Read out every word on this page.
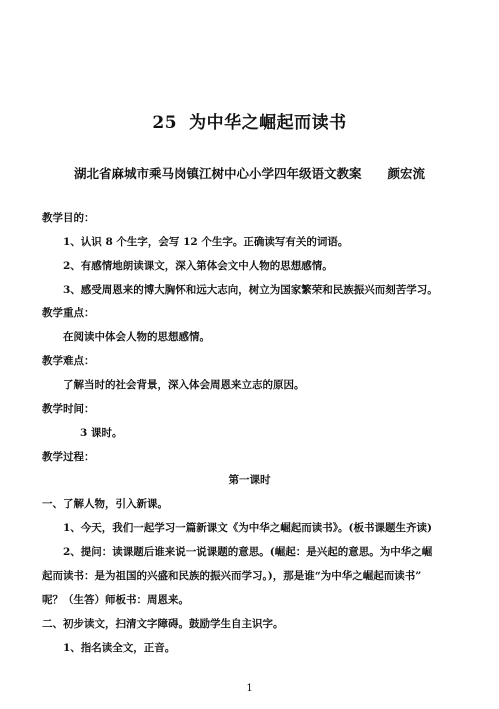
25 为中华之崛起而读书
湖北省麻城市乘马岗镇江树中心小学四年级语文教案 颜宏流
教学目的：
1、认识 8 个生字，会写 12 个生字。正确读写有关的词语。
2、有感情地朗读课文，深入第体会文中人物的思想感情。
3、感受周恩来的博大胸怀和远大志向，树立为国家繁荣和民族振兴而刻苦学习。
教学重点：
在阅读中体会人物的思想感情。
教学难点：
了解当时的社会背景，深入体会周恩来立志的原因。
教学时间：
3 课时。
教学过程：
第一课时
一、了解人物，引入新课。
1、今天，我们一起学习一篇新课文《为中华之崛起而读书》。(板书课题生齐读)
2、提问：读课题后谁来说一说课题的意思。(崛起：是兴起的意思。为中华之崛
起而读书：是为祖国的兴盛和民族的振兴而学习。)，那是谁“为中华之崛起而读书”
呢？（生答）师板书：周恩来。
二、初步读文，扫清文字障碍。鼓励学生自主识字。
1、指名读全文，正音。
1
